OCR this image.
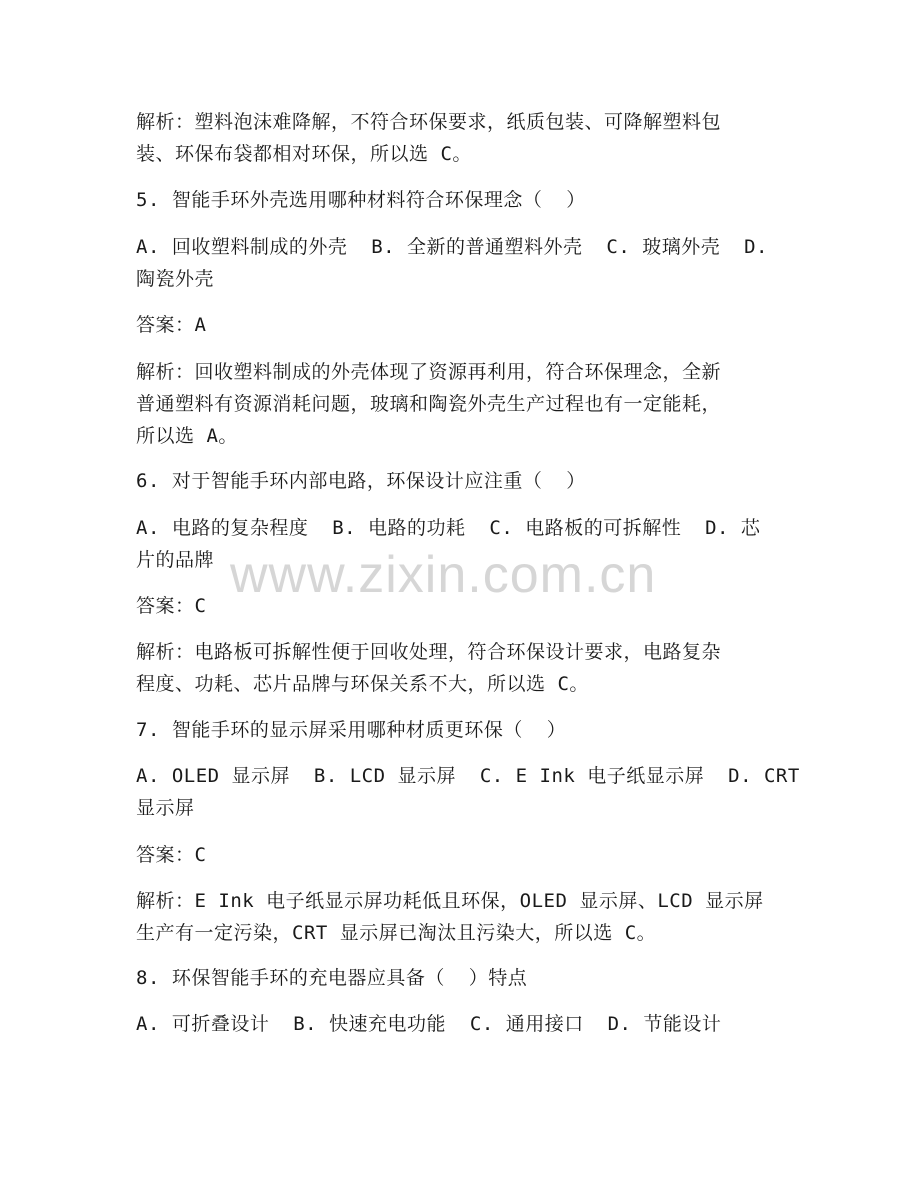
解析：塑料泡沫难降解，不符合环保要求，纸质包装、可降解塑料包
装、环保布袋都相对环保，所以选 C。
5. 智能手环外壳选用哪种材料符合环保理念（  ）
A. 回收塑料制成的外壳  B. 全新的普通塑料外壳  C. 玻璃外壳  D.
陶瓷外壳
答案：A
解析：回收塑料制成的外壳体现了资源再利用，符合环保理念，全新
普通塑料有资源消耗问题，玻璃和陶瓷外壳生产过程也有一定能耗，
所以选 A。
6. 对于智能手环内部电路，环保设计应注重（  ）
A. 电路的复杂程度  B. 电路的功耗  C. 电路板的可拆解性  D. 芯
片的品牌
答案：C
解析：电路板可拆解性便于回收处理，符合环保设计要求，电路复杂
程度、功耗、芯片品牌与环保关系不大，所以选 C。
7. 智能手环的显示屏采用哪种材质更环保（  ）
A. OLED 显示屏  B. LCD 显示屏  C. E Ink 电子纸显示屏  D. CRT
显示屏
答案：C
解析：E Ink 电子纸显示屏功耗低且环保，OLED 显示屏、LCD 显示屏
生产有一定污染，CRT 显示屏已淘汰且污染大，所以选 C。
8. 环保智能手环的充电器应具备（  ）特点
A. 可折叠设计  B. 快速充电功能  C. 通用接口  D. 节能设计
www.zixin.com.cn
